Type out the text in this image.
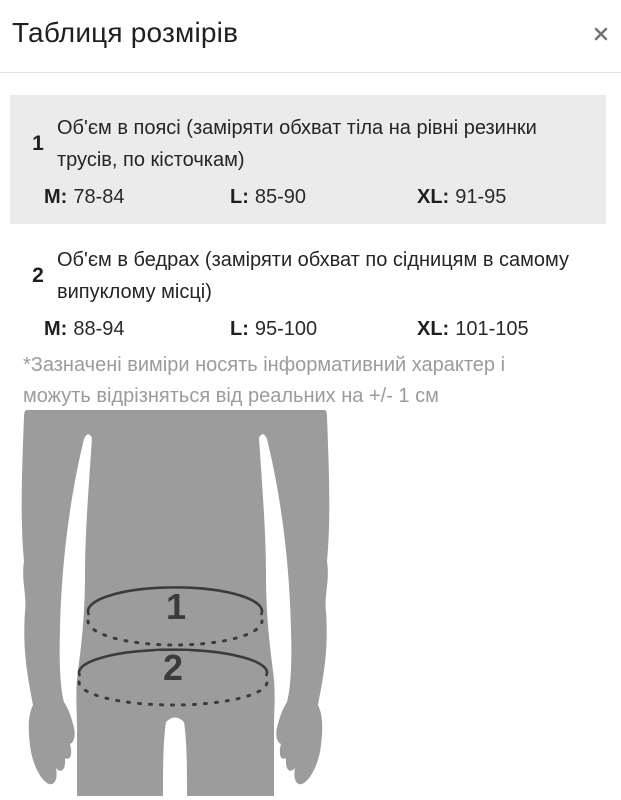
Таблиця розмірів
1
Об'єм в поясі (заміряти обхват тіла на рівні резинки трусів, по кісточкам)
M: 78-84	L: 85-90	XL: 91-95
2
Об'єм в бедрах (заміряти обхват по сідницям в самому випуклому місці)
M: 88-94	L: 95-100	XL: 101-105

*Зазначені виміри носять інформативний характер і можуть відрізняться від реальних на +/- 1 см

1
2
